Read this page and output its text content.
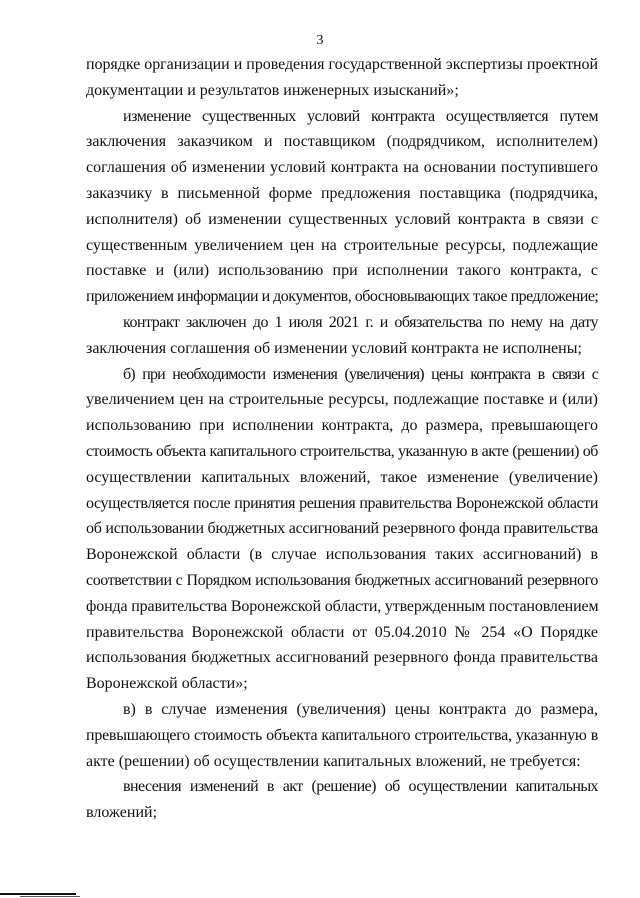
3
порядке организации и проведения государственной экспертизы проектной
документации и результатов инженерных изысканий»;
изменение существенных условий контракта осуществляется путем
заключения заказчиком и поставщиком (подрядчиком, исполнителем)
соглашения об изменении условий контракта на основании поступившего
заказчику в письменной форме предложения поставщика (подрядчика,
исполнителя) об изменении существенных условий контракта в связи с
существенным увеличением цен на строительные ресурсы, подлежащие
поставке и (или) использованию при исполнении такого контракта, с
приложением информации и документов, обосновывающих такое предложение;
контракт заключен до 1 июля 2021 г. и обязательства по нему на дату
заключения соглашения об изменении условий контракта не исполнены;
б) при необходимости изменения (увеличения) цены контракта в связи с
увеличением цен на строительные ресурсы, подлежащие поставке и (или)
использованию при исполнении контракта, до размера, превышающего
стоимость объекта капитального строительства, указанную в акте (решении) об
осуществлении капитальных вложений, такое изменение (увеличение)
осуществляется после принятия решения правительства Воронежской области
об использовании бюджетных ассигнований резервного фонда правительства
Воронежской области (в случае использования таких ассигнований) в
соответствии с Порядком использования бюджетных ассигнований резервного
фонда правительства Воронежской области, утвержденным постановлением
правительства Воронежской области от 05.04.2010 № 254 «О Порядке
использования бюджетных ассигнований резервного фонда правительства
Воронежской области»;
в) в случае изменения (увеличения) цены контракта до размера,
превышающего стоимость объекта капитального строительства, указанную в
акте (решении) об осуществлении капитальных вложений, не требуется:
внесения изменений в акт (решение) об осуществлении капитальных
вложений;
